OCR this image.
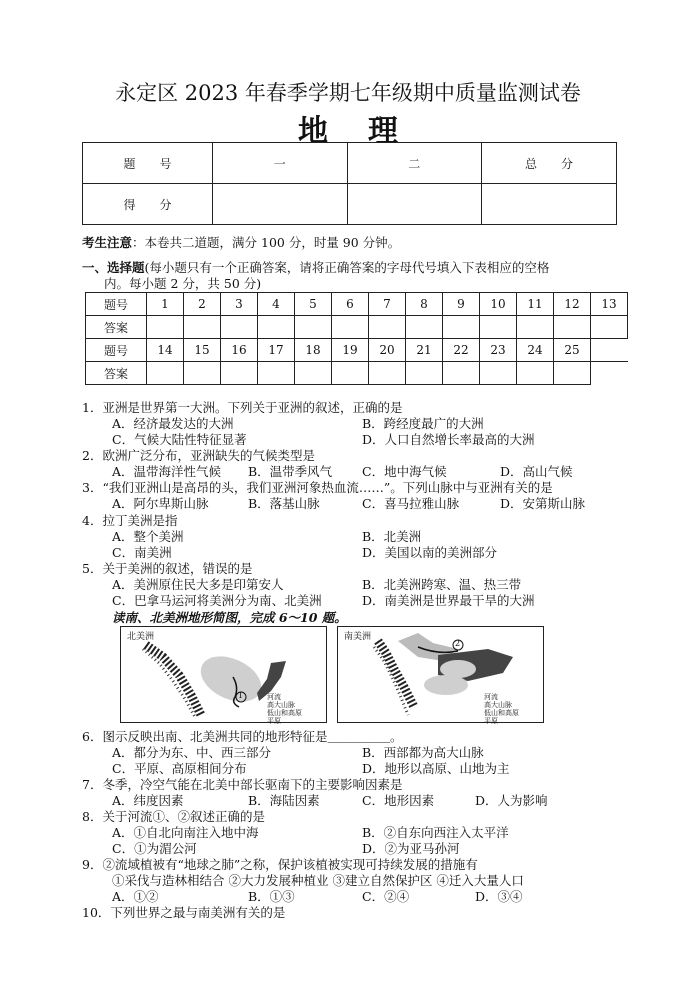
永定区 2023 年春季学期七年级期中质量监测试卷
地理
题　　号	一	二	总　　分
得　　分			
考生注意：本卷共二道题，满分 100 分，时量 90 分钟。
一、选择题(每小题只有一个正确答案，请将正确答案的字母代号填入下表相应的空格
内。每小题 2 分，共 50 分)
题号	1	2	3	4	5	6	7	8	9	10	11	12	13
答案													
题号	14	15	16	17	18	19	20	21	22	23	24	25	
答案													
1．亚洲是世界第一大洲。下列关于亚洲的叙述，正确的是
A．经济最发达的大洲	B．跨经度最广的大洲
C．气候大陆性特征显著	D．人口自然增长率最高的大洲
2．欧洲广泛分布，亚洲缺失的气候类型是
A．温带海洋性气候 B．温带季风气 C．地中海气候	D．高山气候
3．“我们亚洲山是高昂的头，我们亚洲河象热血流……”。下列山脉中与亚洲有关的是
A．阿尔卑斯山脉	B．落基山脉	C．喜马拉雅山脉	D．安第斯山脉
4．拉丁美洲是指
A．整个美洲	B．北美洲
C．南美洲	D．美国以南的美洲部分
5．关于美洲的叙述，错误的是
A．美洲原住民大多是印第安人	B．北美洲跨寒、温、热三带
C．巴拿马运河将美洲分为南、北美洲	D．南美洲是世界最干旱的大洲
读南、北美洲地形简图，完成 6～10 题。
北美洲
1	河流
高大山脉
低山和高原
平原
南美洲
2
河流
高大山脉
低山和高原
平原
6．图示反映出南、北美洲共同的地形特征是＿＿＿＿＿。
A．都分为东、中、西三部分	B．西部都为高大山脉
C．平原、高原相间分布	D．地形以高原、山地为主
7．冬季，冷空气能在北美中部长驱南下的主要影响因素是
A．纬度因素	B．海陆因素	C．地形因素	D．人为影响
8．关于河流①、②叙述正确的是
A．①自北向南注入地中海	B．②自东向西注入太平洋
C．①为湄公河	D．②为亚马孙河
9．②流域植被有“地球之肺”之称，保护该植被实现可持续发展的措施有
①采伐与造林相结合 ②大力发展种植业 ③建立自然保护区 ④迁入大量人口
A．①②	B．①③	C．②④	D．③④
10．下列世界之最与南美洲有关的是
